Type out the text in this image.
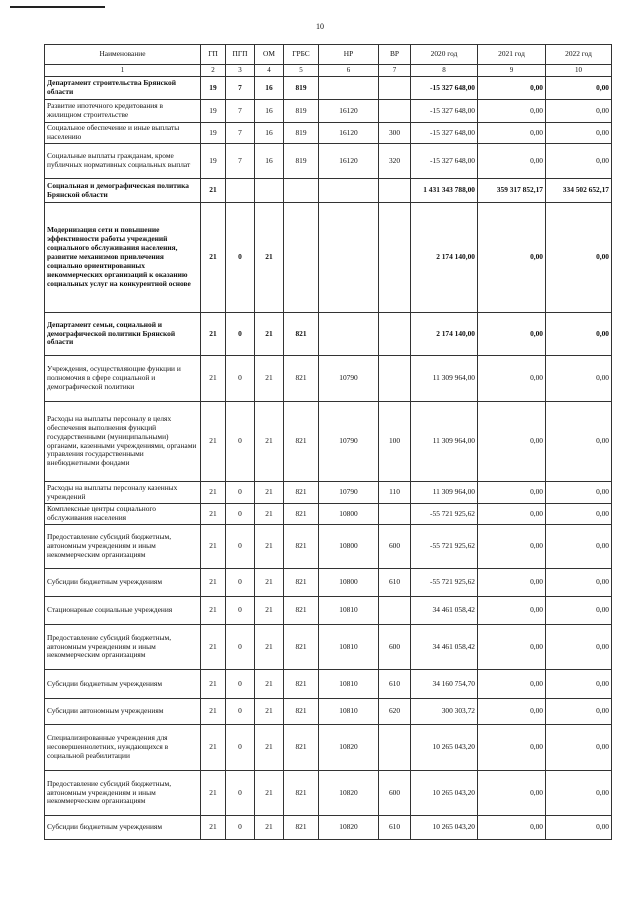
10
Наименование	ГП	ПГП	ОМ	ГРБС	НР	ВР	2020 год	2021 год	2022 год
1	2	3	4	5	6	7	8	9	10
Департамент строительства Брянской области	19	7	16	819			-15 327 648,00	0,00	0,00
Развитие ипотечного кредитования в жилищном строительстве	19	7	16	819	16120		-15 327 648,00	0,00	0,00
Социальное обеспечение и иные выплаты населению	19	7	16	819	16120	300	-15 327 648,00	0,00	0,00
Социальные выплаты гражданам, кроме публичных нормативных социальных выплат	19	7	16	819	16120	320	-15 327 648,00	0,00	0,00
Социальная и демографическая политика Брянской области	21						1 431 343 788,00	359 317 852,17	334 502 652,17
Модернизация сети и повышение эффективности работы учреждений социального обслуживания населения, развитие механизмов привлечения социально ориентированных некоммерческих организаций к оказанию социальных услуг на конкурентной основе	21	0	21				2 174 140,00	0,00	0,00
Департамент семьи, социальной и демографической политики Брянской области	21	0	21	821			2 174 140,00	0,00	0,00
Учреждения, осуществляющие функции и полномочия в сфере социальной и демографической политики	21	0	21	821	10790		11 309 964,00	0,00	0,00
Расходы на выплаты персоналу в целях обеспечения выполнения функций государственными (муниципальными) органами, казенными учреждениями, органами управления государственными внебюджетными фондами	21	0	21	821	10790	100	11 309 964,00	0,00	0,00
Расходы на выплаты персоналу казенных учреждений	21	0	21	821	10790	110	11 309 964,00	0,00	0,00
Комплексные центры социального обслуживания населения	21	0	21	821	10800		-55 721 925,62	0,00	0,00
Предоставление субсидий бюджетным, автономным учреждениям и иным некоммерческим организациям	21	0	21	821	10800	600	-55 721 925,62	0,00	0,00
Субсидии бюджетным учреждениям	21	0	21	821	10800	610	-55 721 925,62	0,00	0,00
Стационарные социальные учреждения	21	0	21	821	10810		34 461 058,42	0,00	0,00
Предоставление субсидий бюджетным, автономным учреждениям и иным некоммерческим организациям	21	0	21	821	10810	600	34 461 058,42	0,00	0,00
Субсидии бюджетным учреждениям	21	0	21	821	10810	610	34 160 754,70	0,00	0,00
Субсидии автономным учреждениям	21	0	21	821	10810	620	300 303,72	0,00	0,00
Специализированные учреждения для несовершеннолетних, нуждающихся в социальной реабилитации	21	0	21	821	10820		10 265 043,20	0,00	0,00
Предоставление субсидий бюджетным, автономным учреждениям и иным некоммерческим организациям	21	0	21	821	10820	600	10 265 043,20	0,00	0,00
Субсидии бюджетным учреждениям	21	0	21	821	10820	610	10 265 043,20	0,00	0,00
